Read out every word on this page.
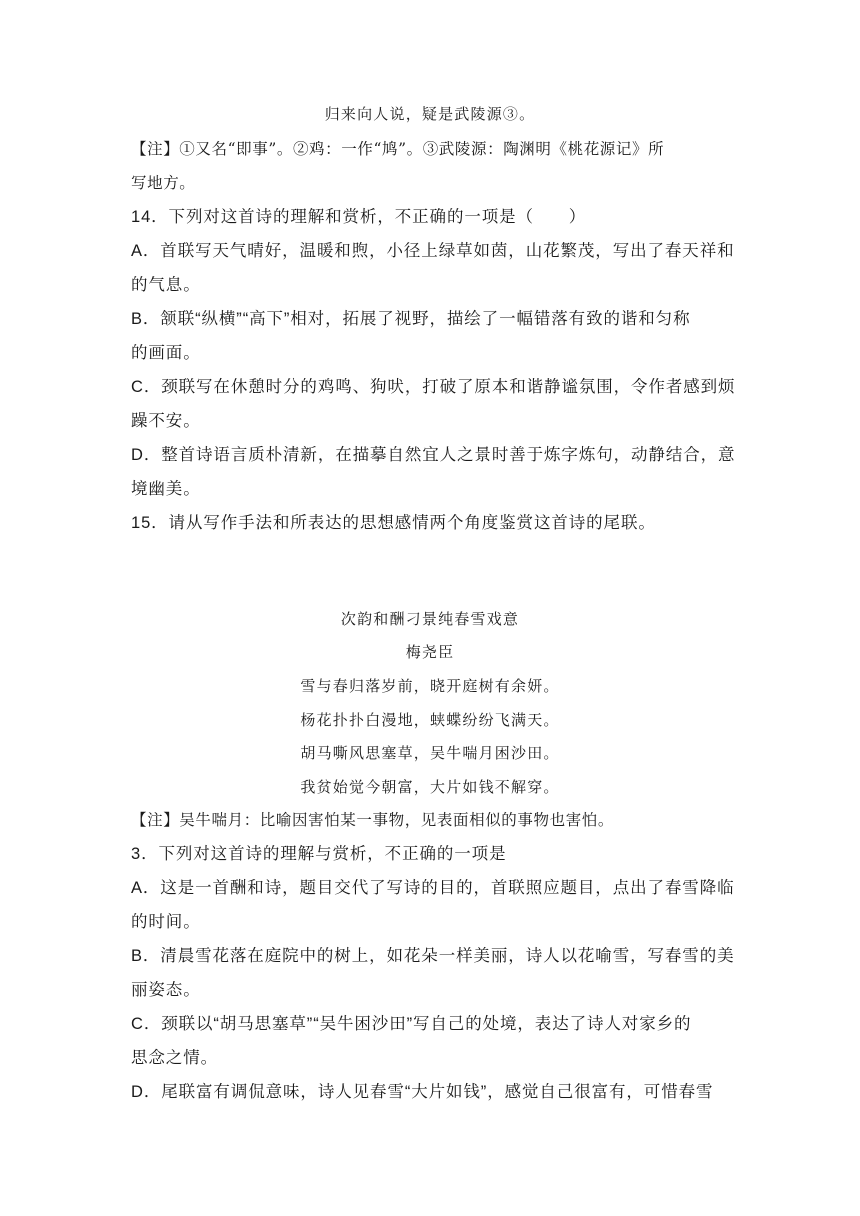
归来向人说，疑是武陵源③。
【注】①又名“即事”。②鸡：一作“鸠”。③武陵源：陶渊明《桃花源记》所
写地方。
14．下列对这首诗的理解和赏析，不正确的一项是（　　）
A．首联写天气晴好，温暖和煦，小径上绿草如茵，山花繁茂，写出了春天祥和
的气息。
B．颔联“纵横”“高下”相对，拓展了视野，描绘了一幅错落有致的谐和匀称
的画面。
C．颈联写在休憩时分的鸡鸣、狗吠，打破了原本和谐静谧氛围，令作者感到烦
躁不安。
D．整首诗语言质朴清新，在描摹自然宜人之景时善于炼字炼句，动静结合，意
境幽美。
15．请从写作手法和所表达的思想感情两个角度鉴赏这首诗的尾联。
次韵和酬刁景纯春雪戏意
梅尧臣
雪与春归落岁前，晓开庭树有余妍。
杨花扑扑白漫地，蛱蝶纷纷飞满天。
胡马嘶风思塞草，吴牛喘月困沙田。
我贫始觉今朝富，大片如钱不解穿。
【注】吴牛喘月：比喻因害怕某一事物，见表面相似的事物也害怕。
3．下列对这首诗的理解与赏析，不正确的一项是
A．这是一首酬和诗，题目交代了写诗的目的，首联照应题目，点出了春雪降临
的时间。
B．清晨雪花落在庭院中的树上，如花朵一样美丽，诗人以花喻雪，写春雪的美
丽姿态。
C．颈联以“胡马思塞草”“吴牛困沙田”写自己的处境，表达了诗人对家乡的
思念之情。
D．尾联富有调侃意味，诗人见春雪“大片如钱”，感觉自己很富有，可惜春雪
